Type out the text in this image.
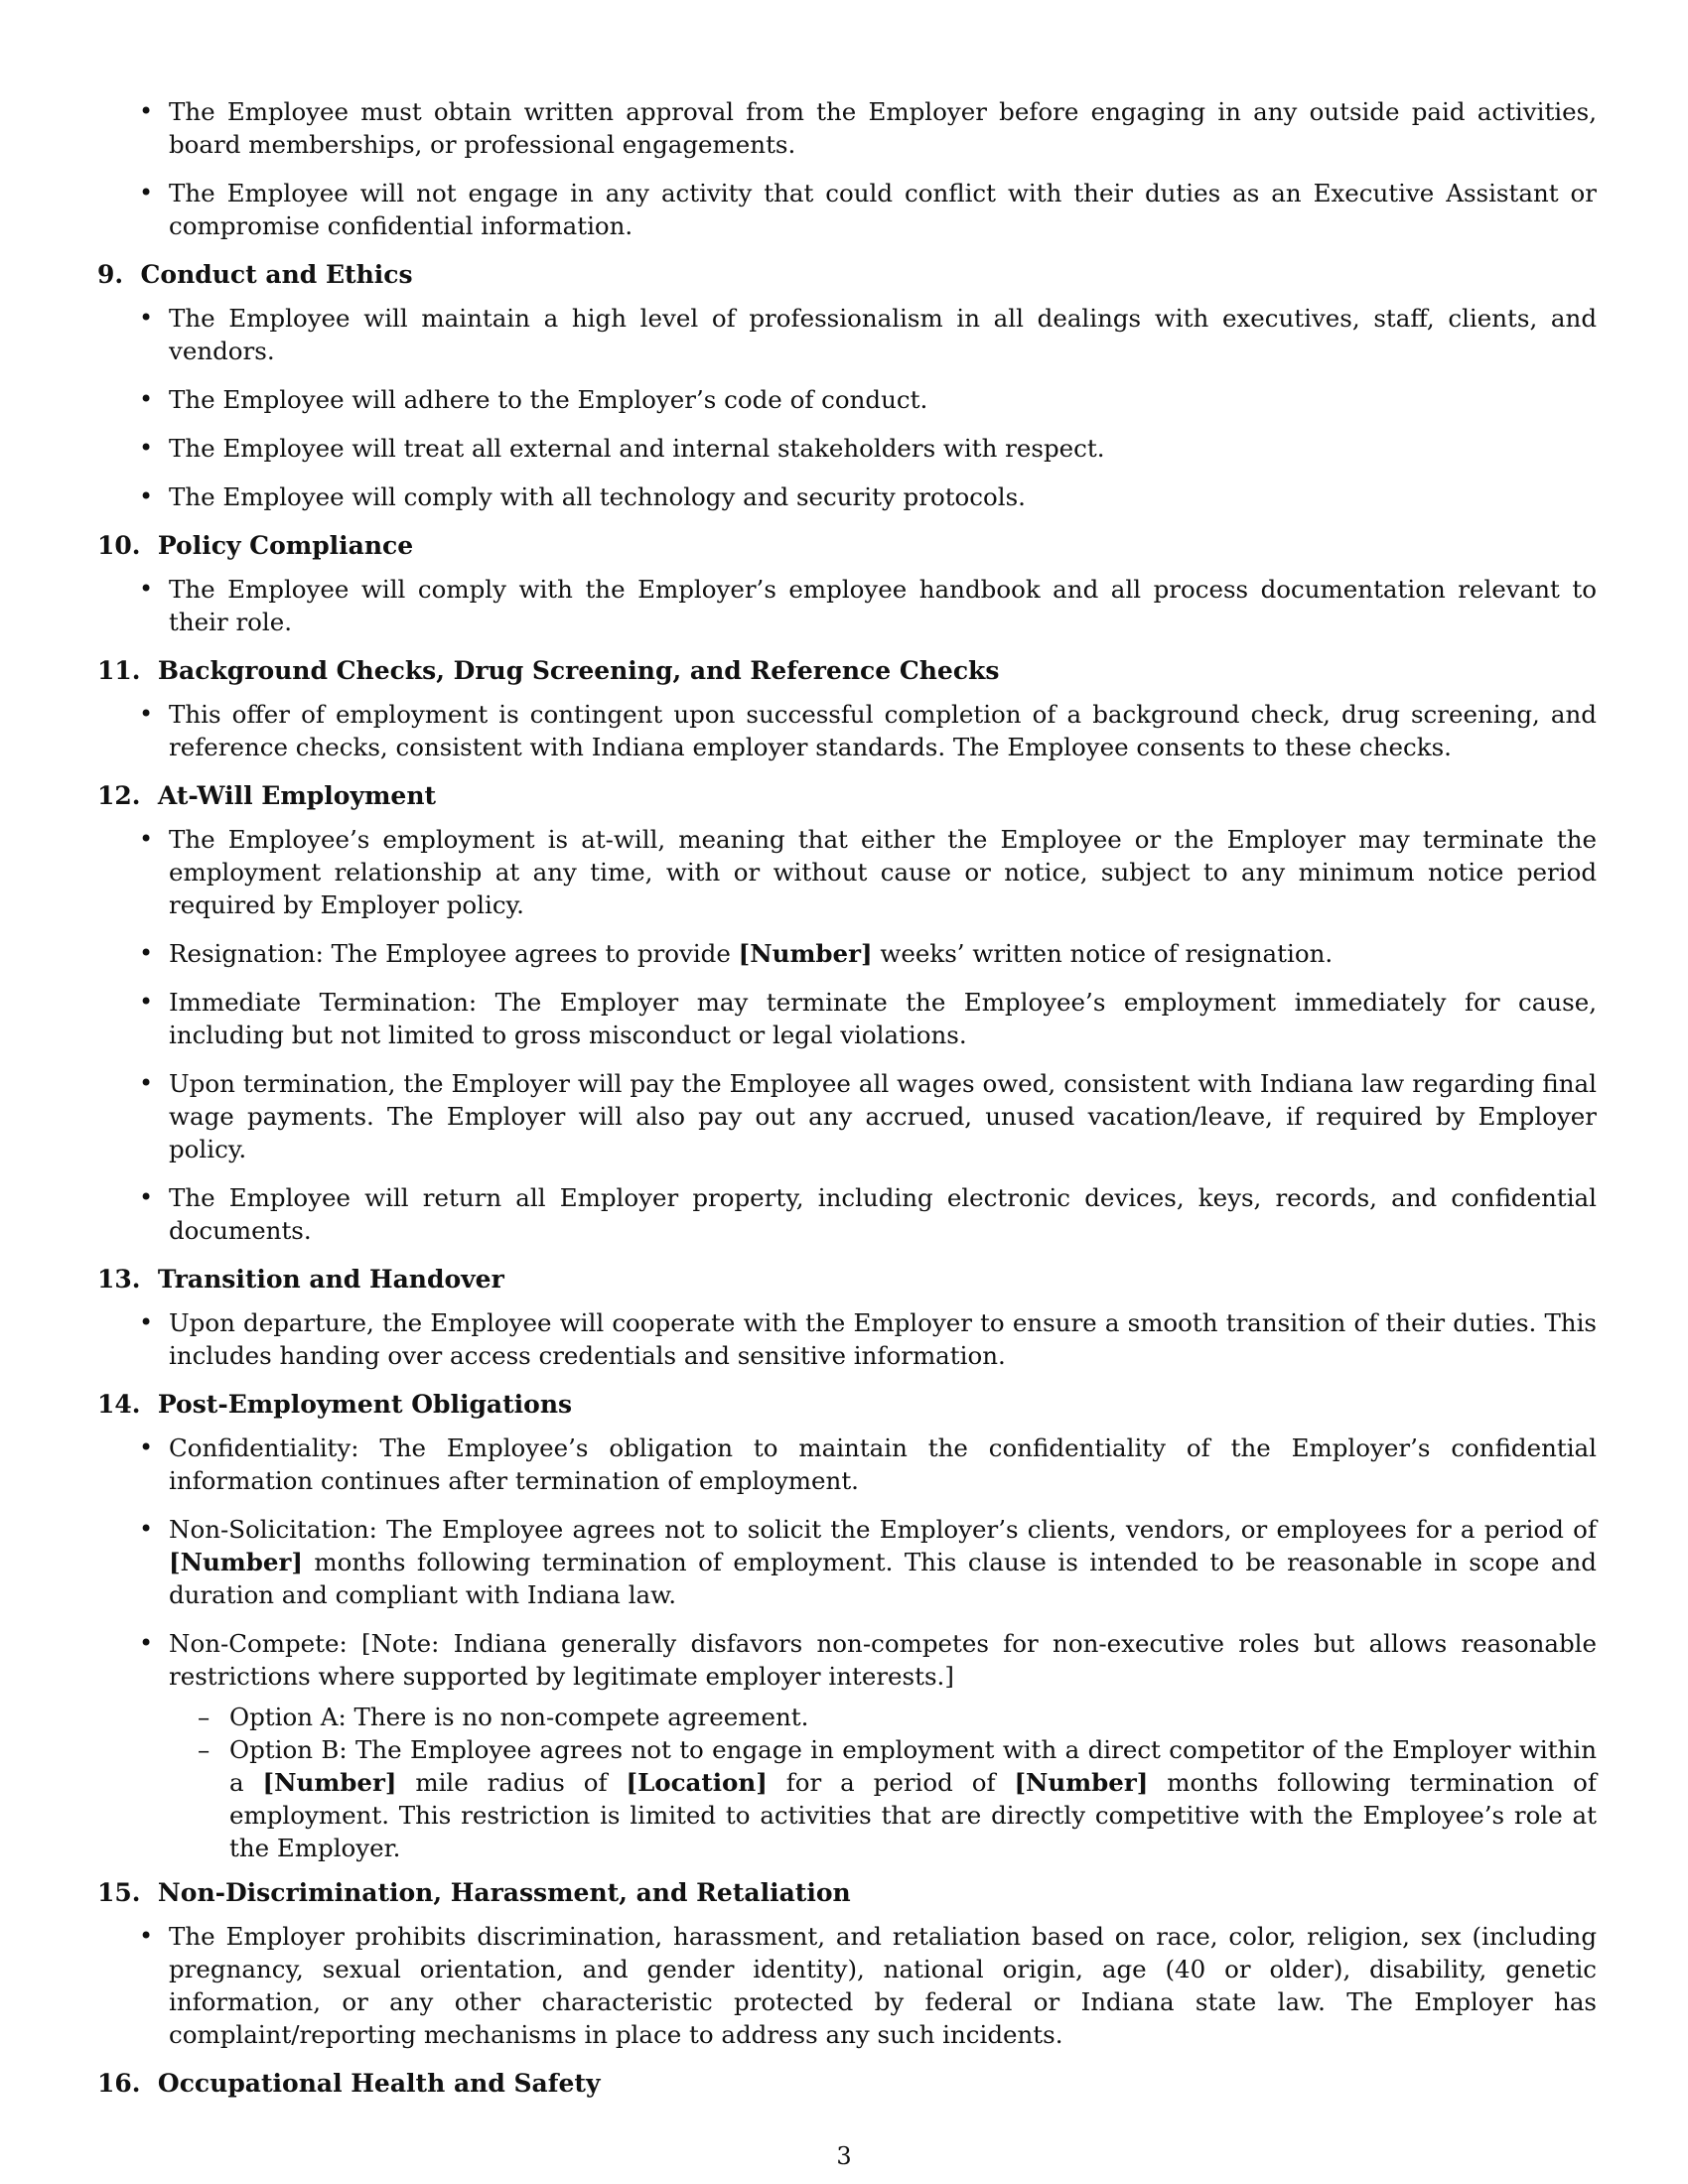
• The Employee must obtain written approval from the Employer before engaging in any outside paid activities, board memberships, or professional engagements.
• The Employee will not engage in any activity that could conflict with their duties as an Executive Assistant or compromise confidential information.
9. Conduct and Ethics
• The Employee will maintain a high level of professionalism in all dealings with executives, staff, clients, and vendors.
• The Employee will adhere to the Employer’s code of conduct.
• The Employee will treat all external and internal stakeholders with respect.
• The Employee will comply with all technology and security protocols.
10. Policy Compliance
• The Employee will comply with the Employer’s employee handbook and all process documentation relevant to their role.
11. Background Checks, Drug Screening, and Reference Checks
• This offer of employment is contingent upon successful completion of a background check, drug screening, and reference checks, consistent with Indiana employer standards. The Employee consents to these checks.
12. At-Will Employment
• The Employee’s employment is at-will, meaning that either the Employee or the Employer may terminate the employment relationship at any time, with or without cause or notice, subject to any minimum notice period required by Employer policy.
• Resignation: The Employee agrees to provide [Number] weeks’ written notice of resignation.
• Immediate Termination: The Employer may terminate the Employee’s employment immediately for cause, including but not limited to gross misconduct or legal violations.
• Upon termination, the Employer will pay the Employee all wages owed, consistent with Indiana law regarding final wage payments. The Employer will also pay out any accrued, unused vacation/leave, if required by Employer policy.
• The Employee will return all Employer property, including electronic devices, keys, records, and confidential documents.
13. Transition and Handover
• Upon departure, the Employee will cooperate with the Employer to ensure a smooth transition of their duties. This includes handing over access credentials and sensitive information.
14. Post-Employment Obligations
• Confidentiality: The Employee’s obligation to maintain the confidentiality of the Employer’s confidential information continues after termination of employment.
• Non-Solicitation: The Employee agrees not to solicit the Employer’s clients, vendors, or employees for a period of [Number] months following termination of employment. This clause is intended to be reasonable in scope and duration and compliant with Indiana law.
• Non-Compete: [Note: Indiana generally disfavors non-competes for non-executive roles but allows reasonable restrictions where supported by legitimate employer interests.]
– Option A: There is no non-compete agreement.
– Option B: The Employee agrees not to engage in employment with a direct competitor of the Employer within a [Number] mile radius of [Location] for a period of [Number] months following termination of employment. This restriction is limited to activities that are directly competitive with the Employee’s role at the Employer.
15. Non-Discrimination, Harassment, and Retaliation
• The Employer prohibits discrimination, harassment, and retaliation based on race, color, religion, sex (including pregnancy, sexual orientation, and gender identity), national origin, age (40 or older), disability, genetic information, or any other characteristic protected by federal or Indiana state law. The Employer has complaint/reporting mechanisms in place to address any such incidents.
16. Occupational Health and Safety
3
